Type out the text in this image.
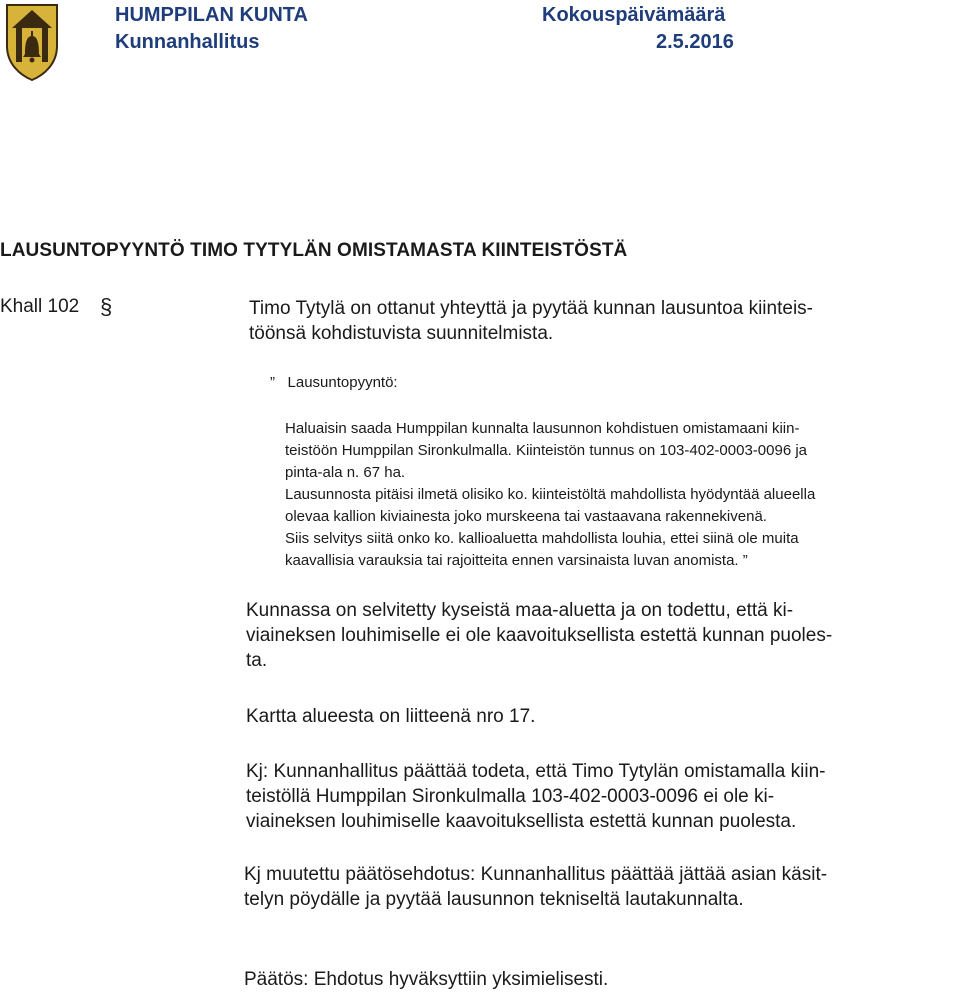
HUMPPILAN KUNTA
Kunnanhallitus
Kokouspäivämäärä
2.5.2016
LAUSUNTOPYYNTÖ TIMO TYTYLÄN OMISTAMASTA KIINTEISTÖSTÄ
Khall 102 §	Timo Tytylä on ottanut yhteyttä ja pyytää kunnan lausuntoa kiinteis-
töönsä kohdistuvista suunnitelmista.
” Lausuntopyyntö:
Haluaisin saada Humppilan kunnalta lausunnon kohdistuen omistamaani kiin-
teistöön Humppilan Sironkulmalla. Kiinteistön tunnus on 103-402-0003-0096 ja
pinta-ala n. 67 ha.
Lausunnosta pitäisi ilmetä olisiko ko. kiinteistöltä mahdollista hyödyntää alueella
olevaa kallion kiviainesta joko murskeena tai vastaavana rakennekivenä.
Siis selvitys siitä onko ko. kallioaluetta mahdollista louhia, ettei siinä ole muita
kaavallisia varauksia tai rajoitteita ennen varsinaista luvan anomista. ”
Kunnassa on selvitetty kyseistä maa-aluetta ja on todettu, että ki-
viaineksen louhimiselle ei ole kaavoituksellista estettä kunnan puoles-
ta.
Kartta alueesta on liitteenä nro 17.
Kj: Kunnanhallitus päättää todeta, että Timo Tytylän omistamalla kiin-
teistöllä Humppilan Sironkulmalla 103-402-0003-0096 ei ole ki-
viaineksen louhimiselle kaavoituksellista estettä kunnan puolesta.
Kj muutettu päätösehdotus: Kunnanhallitus päättää jättää asian käsit-
telyn pöydälle ja pyytää lausunnon tekniseltä lautakunnalta.
Päätös: Ehdotus hyväksyttiin yksimielisesti.
